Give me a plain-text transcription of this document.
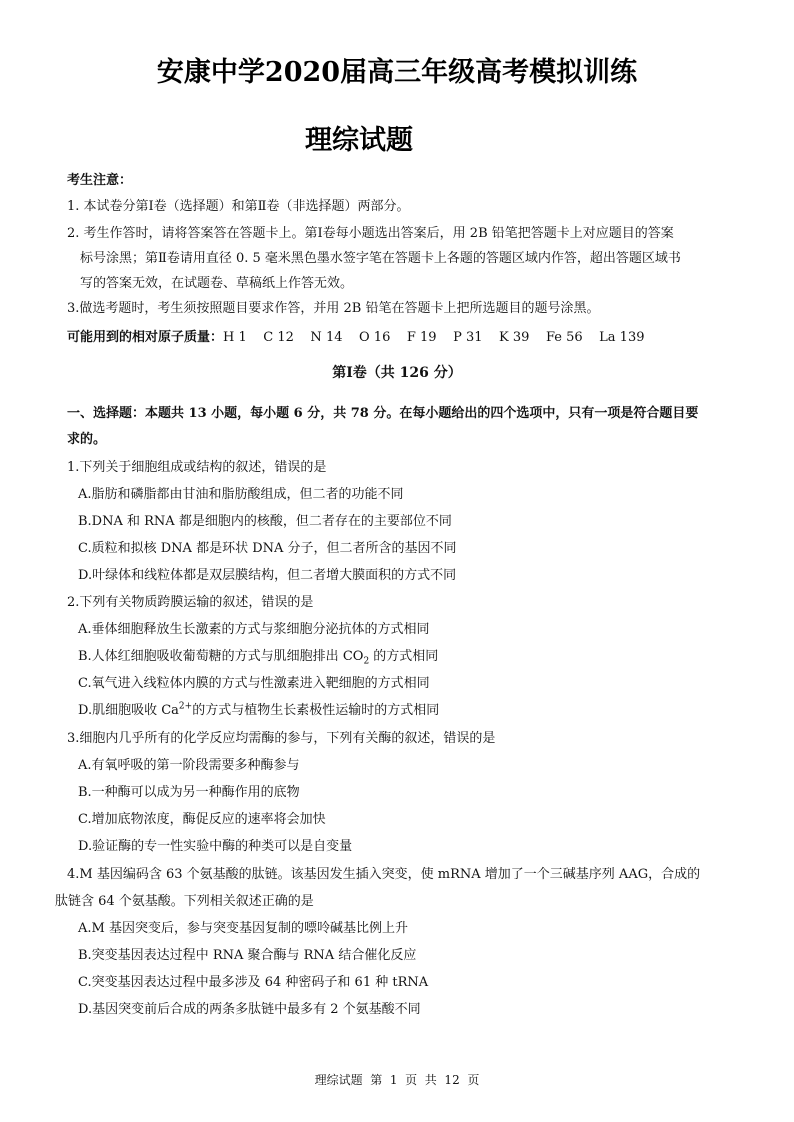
安康中学2020届高三年级高考模拟训练
理综试题
考生注意：
1. 本试卷分第Ⅰ卷（选择题）和第Ⅱ卷（非选择题）两部分。
2. 考生作答时，请将答案答在答题卡上。第Ⅰ卷每小题选出答案后，用 2B 铅笔把答题卡上对应题目的答案
标号涂黑；第Ⅱ卷请用直径 0. 5 毫米黑色墨水签字笔在答题卡上各题的答题区域内作答，超出答题区域书
写的答案无效，在试题卷、草稿纸上作答无效。
3.做选考题时，考生须按照题目要求作答，并用 2B 铅笔在答题卡上把所选题目的题号涂黑。
可能用到的相对原子质量：H 1    C 12    N 14    O 16    F 19    P 31    K 39    Fe 56    La 139
第Ⅰ卷（共 126 分）
一、选择题：本题共 13 小题，每小题 6 分，共 78 分。在每小题给出的四个选项中，只有一项是符合题目要
求的。
1.下列关于细胞组成或结构的叙述，错误的是
A.脂肪和磷脂都由甘油和脂肪酸组成，但二者的功能不同
B.DNA 和 RNA 都是细胞内的核酸，但二者存在的主要部位不同
C.质粒和拟核 DNA 都是环状 DNA 分子，但二者所含的基因不同
D.叶绿体和线粒体都是双层膜结构，但二者增大膜面积的方式不同
2.下列有关物质跨膜运输的叙述，错误的是
A.垂体细胞释放生长激素的方式与浆细胞分泌抗体的方式相同
B.人体红细胞吸收葡萄糖的方式与肌细胞排出 $CO_2$ 的方式相同
C.氧气进入线粒体内膜的方式与性激素进入靶细胞的方式相同
D.肌细胞吸收 $Ca^{2+}$的方式与植物生长素极性运输时的方式相同
3.细胞内几乎所有的化学反应均需酶的参与，下列有关酶的叙述，错误的是
A.有氧呼吸的第一阶段需要多种酶参与
B.一种酶可以成为另一种酶作用的底物
C.增加底物浓度，酶促反应的速率将会加快
D.验证酶的专一性实验中酶的种类可以是自变量
4.M 基因编码含 63 个氨基酸的肽链。该基因发生插入突变，使 mRNA 增加了一个三碱基序列 AAG，合成的
肽链含 64 个氨基酸。下列相关叙述正确的是
A.M 基因突变后，参与突变基因复制的嘌呤碱基比例上升
B.突变基因表达过程中 RNA 聚合酶与 RNA 结合催化反应
C.突变基因表达过程中最多涉及 64 种密码子和 61 种 tRNA
D.基因突变前后合成的两条多肽链中最多有 2 个氨基酸不同
理综试题  第  1  页  共  12  页
